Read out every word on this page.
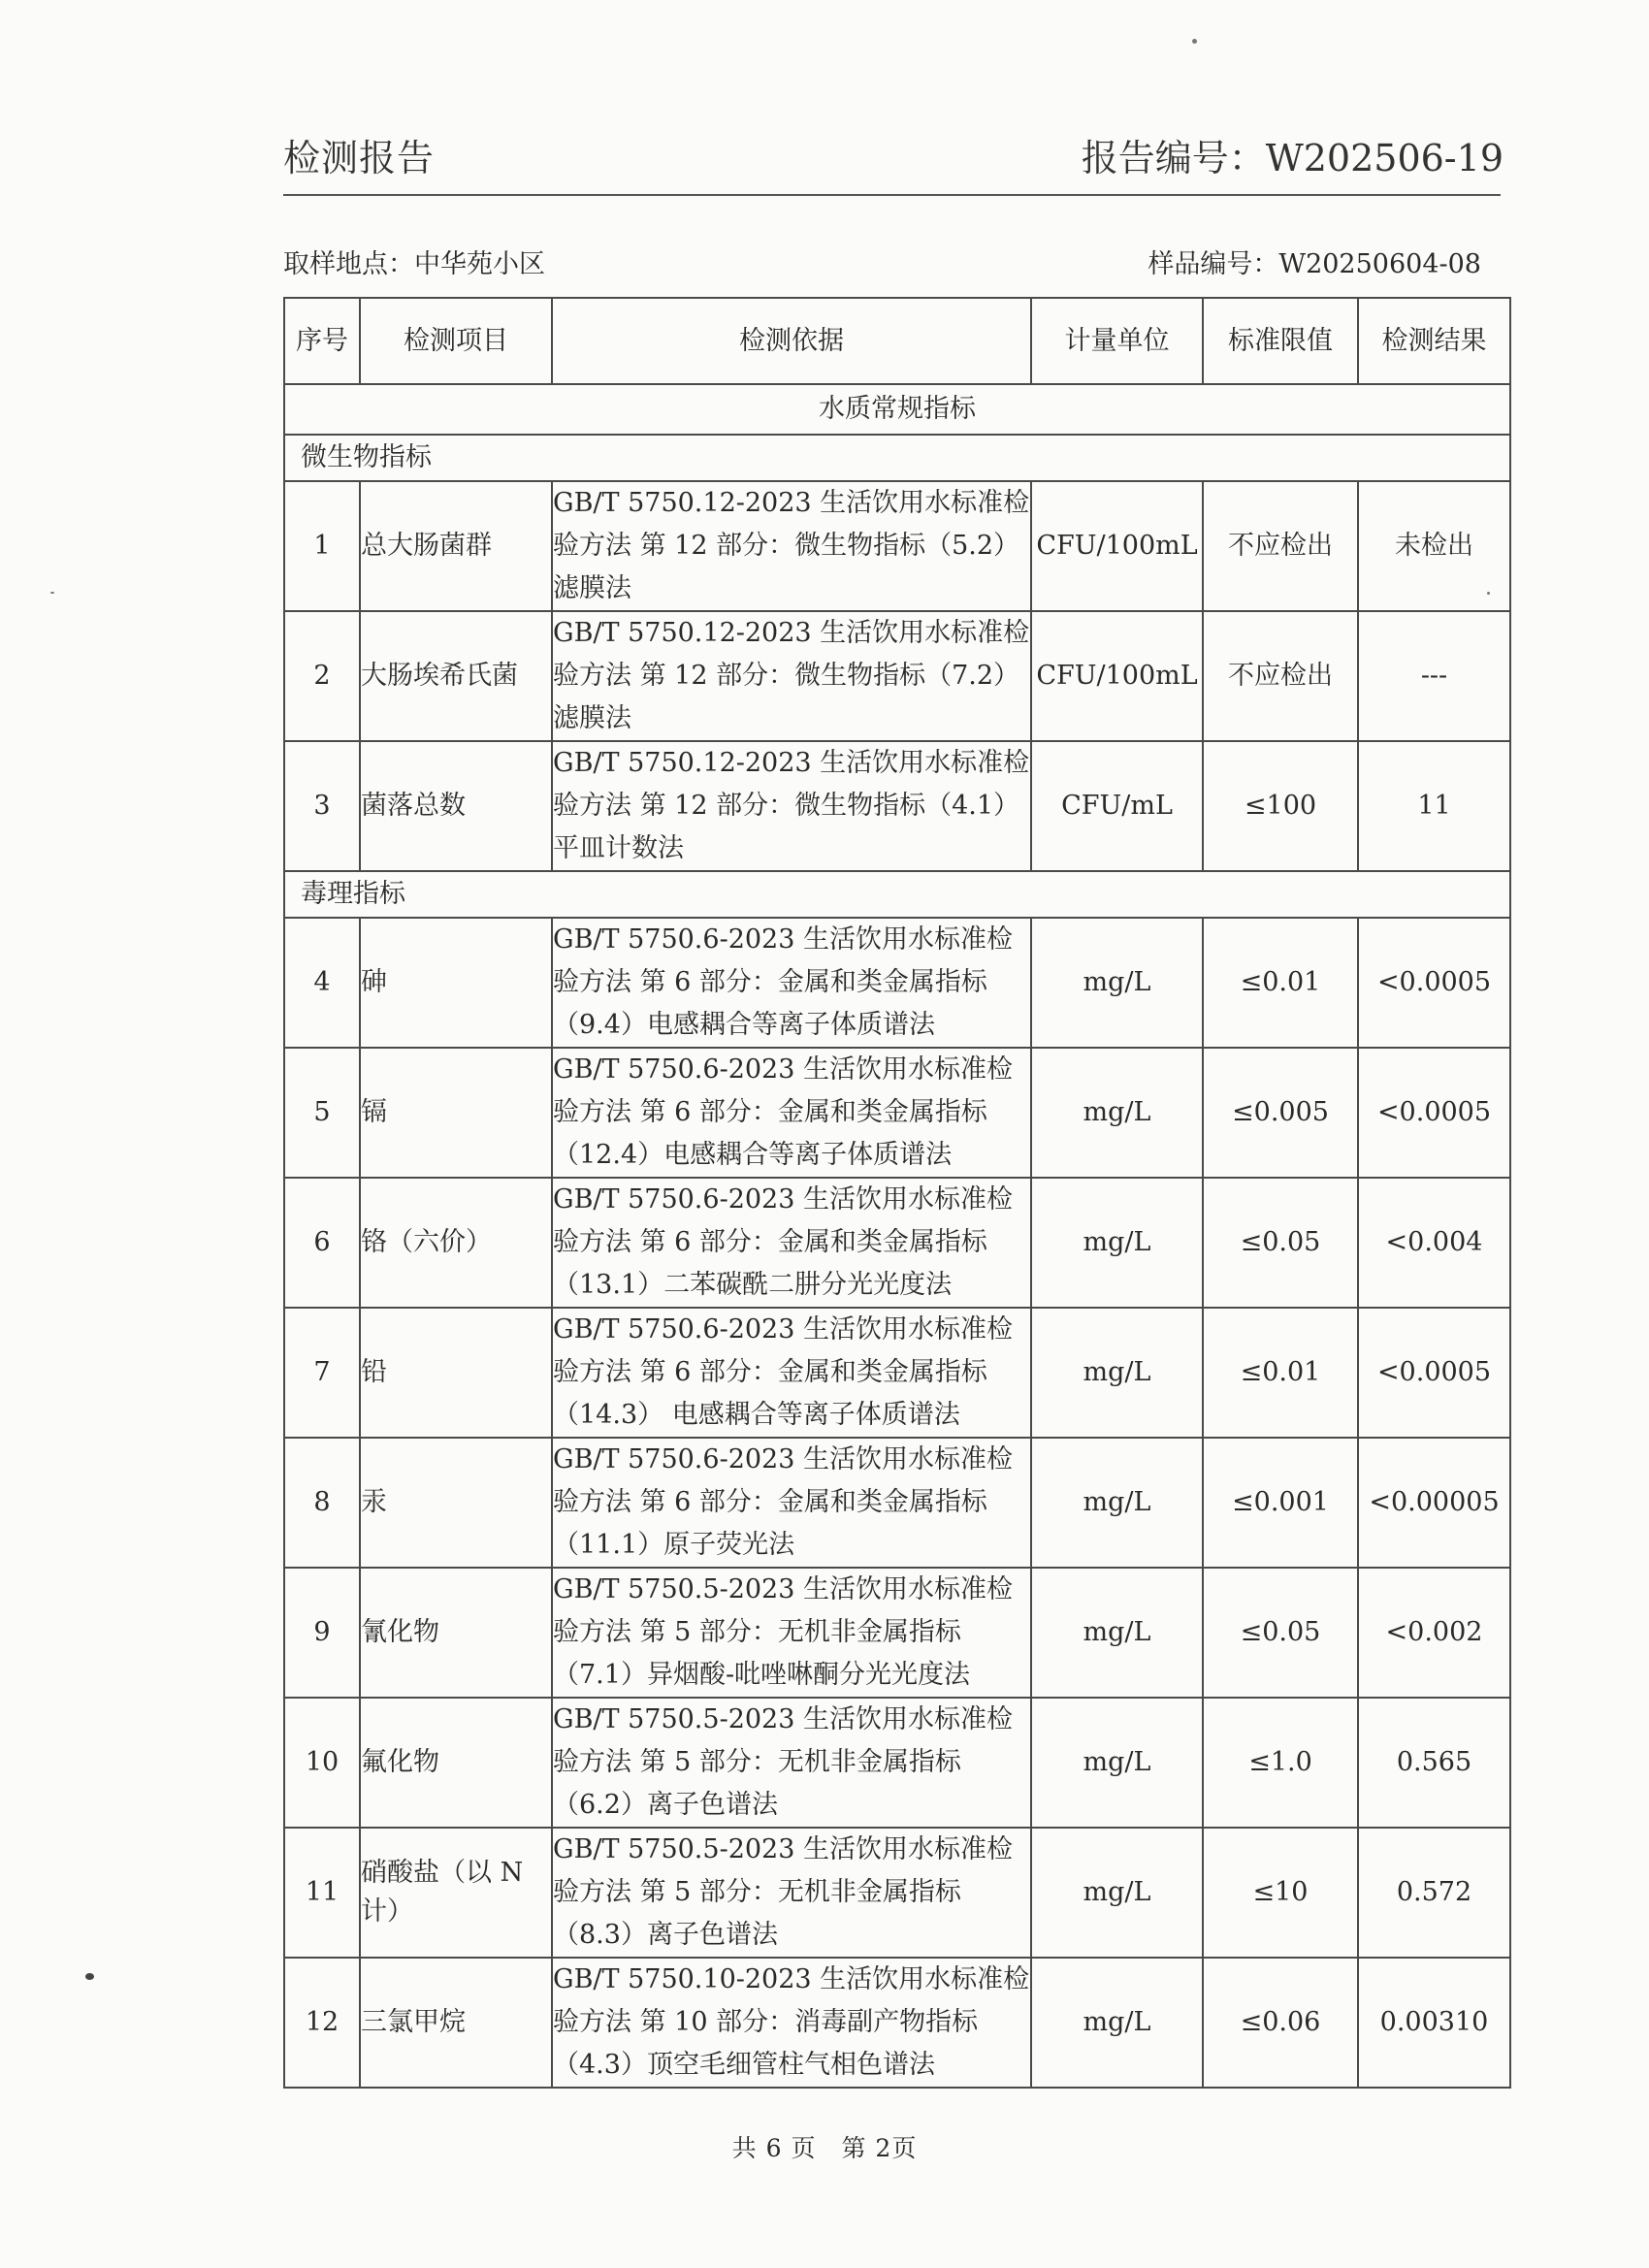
检测报告	报告编号：W202506-19
取样地点：中华苑小区	样品编号：W20250604-08
序号	检测项目	检测依据	计量单位	标准限值	检测结果
水质常规指标					
微生物指标					
1	总大肠菌群	GB/T 5750.12-2023 生活饮用水标准检验方法 第 12 部分：微生物指标（5.2）滤膜法	CFU/100mL	不应检出	未检出
2	大肠埃希氏菌	GB/T 5750.12-2023 生活饮用水标准检验方法 第 12 部分：微生物指标（7.2）滤膜法	CFU/100mL	不应检出	---
3	菌落总数	GB/T 5750.12-2023 生活饮用水标准检验方法 第 12 部分：微生物指标（4.1）平皿计数法	CFU/mL	≤100	11
毒理指标					
4	砷	GB/T 5750.6-2023 生活饮用水标准检验方法 第 6 部分：金属和类金属指标（9.4）电感耦合等离子体质谱法	mg/L	≤0.01	<0.0005
5	镉	GB/T 5750.6-2023 生活饮用水标准检验方法 第 6 部分：金属和类金属指标（12.4）电感耦合等离子体质谱法	mg/L	≤0.005	<0.0005
6	铬（六价）	GB/T 5750.6-2023 生活饮用水标准检验方法 第 6 部分：金属和类金属指标（13.1）二苯碳酰二肼分光光度法	mg/L	≤0.05	<0.004
7	铅	GB/T 5750.6-2023 生活饮用水标准检验方法 第 6 部分：金属和类金属指标（14.3） 电感耦合等离子体质谱法	mg/L	≤0.01	<0.0005
8	汞	GB/T 5750.6-2023 生活饮用水标准检验方法 第 6 部分：金属和类金属指标（11.1）原子荧光法	mg/L	≤0.001	<0.00005
9	氰化物	GB/T 5750.5-2023 生活饮用水标准检验方法 第 5 部分：无机非金属指标（7.1）异烟酸-吡唑啉酮分光光度法	mg/L	≤0.05	<0.002
10	氟化物	GB/T 5750.5-2023 生活饮用水标准检验方法 第 5 部分：无机非金属指标（6.2）离子色谱法	mg/L	≤1.0	0.565
11	硝酸盐（以 N 计）	GB/T 5750.5-2023 生活饮用水标准检验方法 第 5 部分：无机非金属指标（8.3）离子色谱法	mg/L	≤10	0.572
12	三氯甲烷	GB/T 5750.10-2023 生活饮用水标准检验方法 第 10 部分：消毒副产物指标（4.3）顶空毛细管柱气相色谱法	mg/L	≤0.06	0.00310
共 6 页　第 2页
